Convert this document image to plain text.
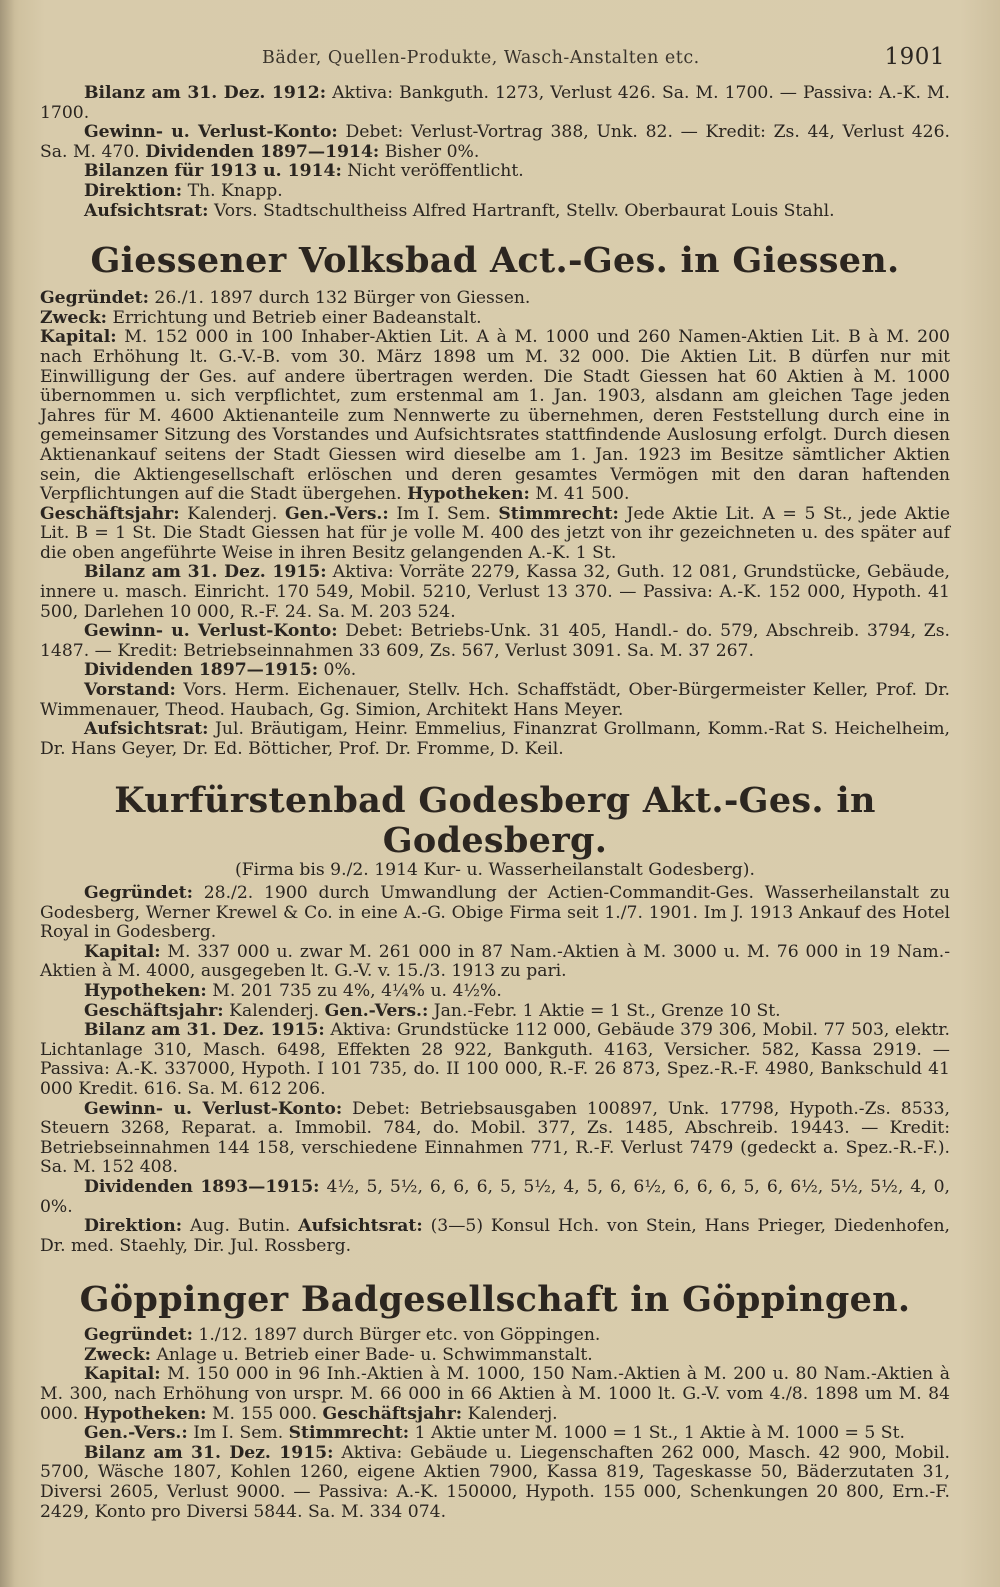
Bäder, Quellen-Produkte, Wasch-Anstalten etc.	1901

Bilanz am 31. Dez. 1912: Aktiva: Bankguth. 1273, Verlust 426. Sa. M. 1700. — Passiva: A.-K. M. 1700.

Gewinn- u. Verlust-Konto: Debet: Verlust-Vortrag 388, Unk. 82. — Kredit: Zs. 44, Verlust 426. Sa. M. 470. Dividenden 1897—1914: Bisher 0%.

Bilanzen für 1913 u. 1914: Nicht veröffentlicht.

Direktion: Th. Knapp.

Aufsichtsrat: Vors. Stadtschultheiss Alfred Hartranft, Stellv. Oberbaurat Louis Stahl.

Giessener Volksbad Act.-Ges. in Giessen.

Gegründet: 26./1. 1897 durch 132 Bürger von Giessen.

Zweck: Errichtung und Betrieb einer Badeanstalt.

Kapital: M. 152 000 in 100 Inhaber-Aktien Lit. A à M. 1000 und 260 Namen-Aktien Lit. B à M. 200 nach Erhöhung lt. G.-V.-B. vom 30. März 1898 um M. 32 000. Die Aktien Lit. B dürfen nur mit Einwilligung der Ges. auf andere übertragen werden. Die Stadt Giessen hat 60 Aktien à M. 1000 übernommen u. sich verpflichtet, zum erstenmal am 1. Jan. 1903, alsdann am gleichen Tage jeden Jahres für M. 4600 Aktienanteile zum Nennwerte zu übernehmen, deren Feststellung durch eine in gemeinsamer Sitzung des Vorstandes und Aufsichtsrates stattfindende Auslosung erfolgt. Durch diesen Aktienankauf seitens der Stadt Giessen wird dieselbe am 1. Jan. 1923 im Besitze sämtlicher Aktien sein, die Aktiengesellschaft erlöschen und deren gesamtes Vermögen mit den daran haftenden Verpflichtungen auf die Stadt übergehen. Hypotheken: M. 41 500.

Geschäftsjahr: Kalenderj. Gen.-Vers.: Im I. Sem. Stimmrecht: Jede Aktie Lit. A = 5 St., jede Aktie Lit. B = 1 St. Die Stadt Giessen hat für je volle M. 400 des jetzt von ihr gezeichneten u. des später auf die oben angeführte Weise in ihren Besitz gelangenden A.-K. 1 St.

Bilanz am 31. Dez. 1915: Aktiva: Vorräte 2279, Kassa 32, Guth. 12 081, Grundstücke, Gebäude, innere u. masch. Einricht. 170 549, Mobil. 5210, Verlust 13 370. — Passiva: A.-K. 152 000, Hypoth. 41 500, Darlehen 10 000, R.-F. 24. Sa. M. 203 524.

Gewinn- u. Verlust-Konto: Debet: Betriebs-Unk. 31 405, Handl.- do. 579, Abschreib. 3794, Zs. 1487. — Kredit: Betriebseinnahmen 33 609, Zs. 567, Verlust 3091. Sa. M. 37 267.

Dividenden 1897—1915: 0%.

Vorstand: Vors. Herm. Eichenauer, Stellv. Hch. Schaffstädt, Ober-Bürgermeister Keller, Prof. Dr. Wimmenauer, Theod. Haubach, Gg. Simion, Architekt Hans Meyer.

Aufsichtsrat: Jul. Bräutigam, Heinr. Emmelius, Finanzrat Grollmann, Komm.-Rat S. Heichelheim, Dr. Hans Geyer, Dr. Ed. Bötticher, Prof. Dr. Fromme, D. Keil.

Kurfürstenbad Godesberg Akt.-Ges. in Godesberg.

(Firma bis 9./2. 1914 Kur- u. Wasserheilanstalt Godesberg).

Gegründet: 28./2. 1900 durch Umwandlung der Actien-Commandit-Ges. Wasserheilanstalt zu Godesberg, Werner Krewel & Co. in eine A.-G. Obige Firma seit 1./7. 1901. Im J. 1913 Ankauf des Hotel Royal in Godesberg.

Kapital: M. 337 000 u. zwar M. 261 000 in 87 Nam.-Aktien à M. 3000 u. M. 76 000 in 19 Nam.-Aktien à M. 4000, ausgegeben lt. G.-V. v. 15./3. 1913 zu pari.

Hypotheken: M. 201 735 zu 4%, 4¼% u. 4½%.

Geschäftsjahr: Kalenderj. Gen.-Vers.: Jan.-Febr. 1 Aktie = 1 St., Grenze 10 St.

Bilanz am 31. Dez. 1915: Aktiva: Grundstücke 112 000, Gebäude 379 306, Mobil. 77 503, elektr. Lichtanlage 310, Masch. 6498, Effekten 28 922, Bankguth. 4163, Versicher. 582, Kassa 2919. — Passiva: A.-K. 337000, Hypoth. I 101 735, do. II 100 000, R.-F. 26 873, Spez.-R.-F. 4980, Bankschuld 41 000 Kredit. 616. Sa. M. 612 206.

Gewinn- u. Verlust-Konto: Debet: Betriebsausgaben 100897, Unk. 17798, Hypoth.-Zs. 8533, Steuern 3268, Reparat. a. Immobil. 784, do. Mobil. 377, Zs. 1485, Abschreib. 19443. — Kredit: Betriebseinnahmen 144 158, verschiedene Einnahmen 771, R.-F. Verlust 7479 (gedeckt a. Spez.-R.-F.). Sa. M. 152 408.

Dividenden 1893—1915: 4½, 5, 5½, 6, 6, 6, 5, 5½, 4, 5, 6, 6½, 6, 6, 6, 5, 6, 6½, 5½, 5½, 4, 0, 0%.

Direktion: Aug. Butin. Aufsichtsrat: (3—5) Konsul Hch. von Stein, Hans Prieger, Diedenhofen, Dr. med. Staehly, Dir. Jul. Rossberg.

Göppinger Badgesellschaft in Göppingen.

Gegründet: 1./12. 1897 durch Bürger etc. von Göppingen.

Zweck: Anlage u. Betrieb einer Bade- u. Schwimmanstalt.

Kapital: M. 150 000 in 96 Inh.-Aktien à M. 1000, 150 Nam.-Aktien à M. 200 u. 80 Nam.-Aktien à M. 300, nach Erhöhung von urspr. M. 66 000 in 66 Aktien à M. 1000 lt. G.-V. vom 4./8. 1898 um M. 84 000. Hypotheken: M. 155 000. Geschäftsjahr: Kalenderj.

Gen.-Vers.: Im I. Sem. Stimmrecht: 1 Aktie unter M. 1000 = 1 St., 1 Aktie à M. 1000 = 5 St.

Bilanz am 31. Dez. 1915: Aktiva: Gebäude u. Liegenschaften 262 000, Masch. 42 900, Mobil. 5700, Wäsche 1807, Kohlen 1260, eigene Aktien 7900, Kassa 819, Tageskasse 50, Bäderzutaten 31, Diversi 2605, Verlust 9000. — Passiva: A.-K. 150000, Hypoth. 155 000, Schenkungen 20 800, Ern.-F. 2429, Konto pro Diversi 5844. Sa. M. 334 074.
